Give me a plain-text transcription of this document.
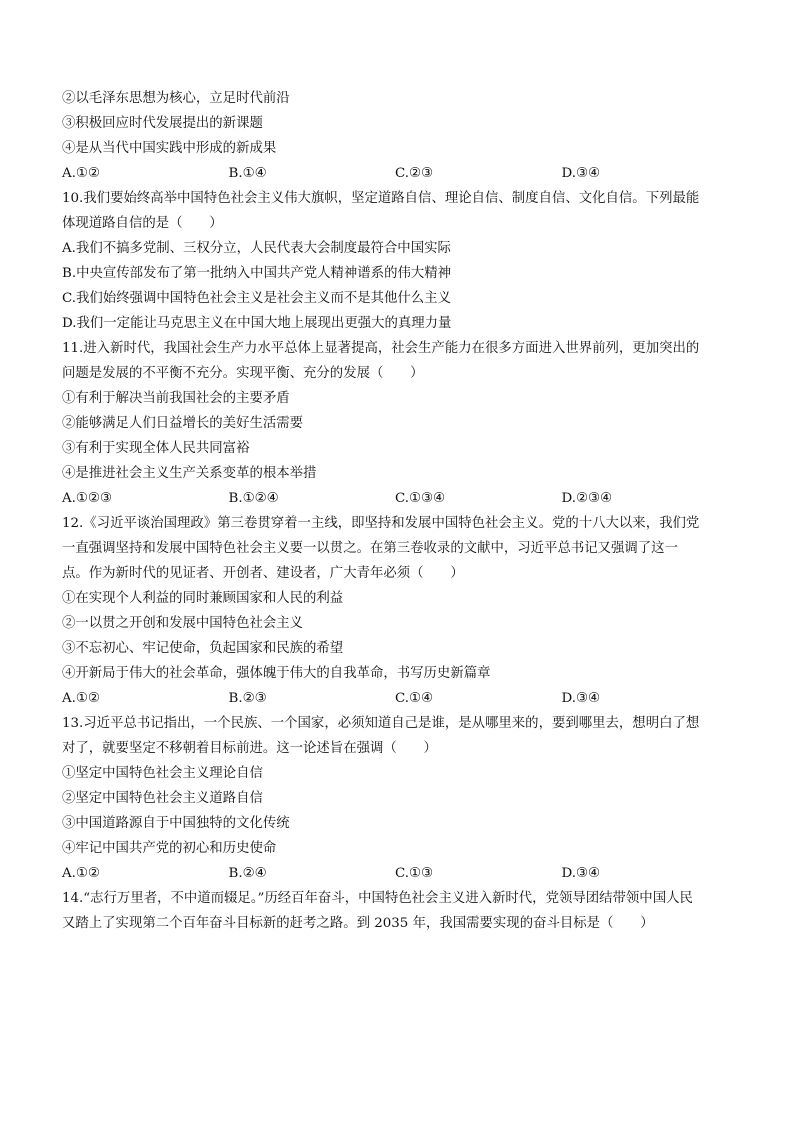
②以毛泽东思想为核心，立足时代前沿
③积极回应时代发展提出的新课题
④是从当代中国实践中形成的新成果
A.①②	B.①④	C.②③	D.③④
10.我们要始终高举中国特色社会主义伟大旗帜，坚定道路自信、理论自信、制度自信、文化自信。下列最能
体现道路自信的是（　　）
A.我们不搞多党制、三权分立，人民代表大会制度最符合中国实际
B.中央宣传部发布了第一批纳入中国共产党人精神谱系的伟大精神
C.我们始终强调中国特色社会主义是社会主义而不是其他什么主义
D.我们一定能让马克思主义在中国大地上展现出更强大的真理力量
11.进入新时代，我国社会生产力水平总体上显著提高，社会生产能力在很多方面进入世界前列，更加突出的
问题是发展的不平衡不充分。实现平衡、充分的发展（　　）
①有利于解决当前我国社会的主要矛盾
②能够满足人们日益增长的美好生活需要
③有利于实现全体人民共同富裕
④是推进社会主义生产关系变革的根本举措
A.①②③	B.①②④	C.①③④	D.②③④
12.《习近平谈治国理政》第三卷贯穿着一主线，即坚持和发展中国特色社会主义。党的十八大以来，我们党
一直强调坚持和发展中国特色社会主义要一以贯之。在第三卷收录的文献中，习近平总书记又强调了这一
点。作为新时代的见证者、开创者、建设者，广大青年必须（　　）
①在实现个人利益的同时兼顾国家和人民的利益
②一以贯之开创和发展中国特色社会主义
③不忘初心、牢记使命，负起国家和民族的希望
④开新局于伟大的社会革命，强体魄于伟大的自我革命，书写历史新篇章
A.①②	B.②③	C.①④	D.③④
13.习近平总书记指出，一个民族、一个国家，必须知道自己是谁，是从哪里来的，要到哪里去，想明白了想
对了，就要坚定不移朝着目标前进。这一论述旨在强调（　　）
①坚定中国特色社会主义理论自信
②坚定中国特色社会主义道路自信
③中国道路源自于中国独特的文化传统
④牢记中国共产党的初心和历史使命
A.①②	B.②④	C.①③	D.③④
14.“志行万里者，不中道而辍足。”历经百年奋斗，中国特色社会主义进入新时代，党领导团结带领中国人民
又踏上了实现第二个百年奋斗目标新的赶考之路。到 2035 年，我国需要实现的奋斗目标是（　　）
